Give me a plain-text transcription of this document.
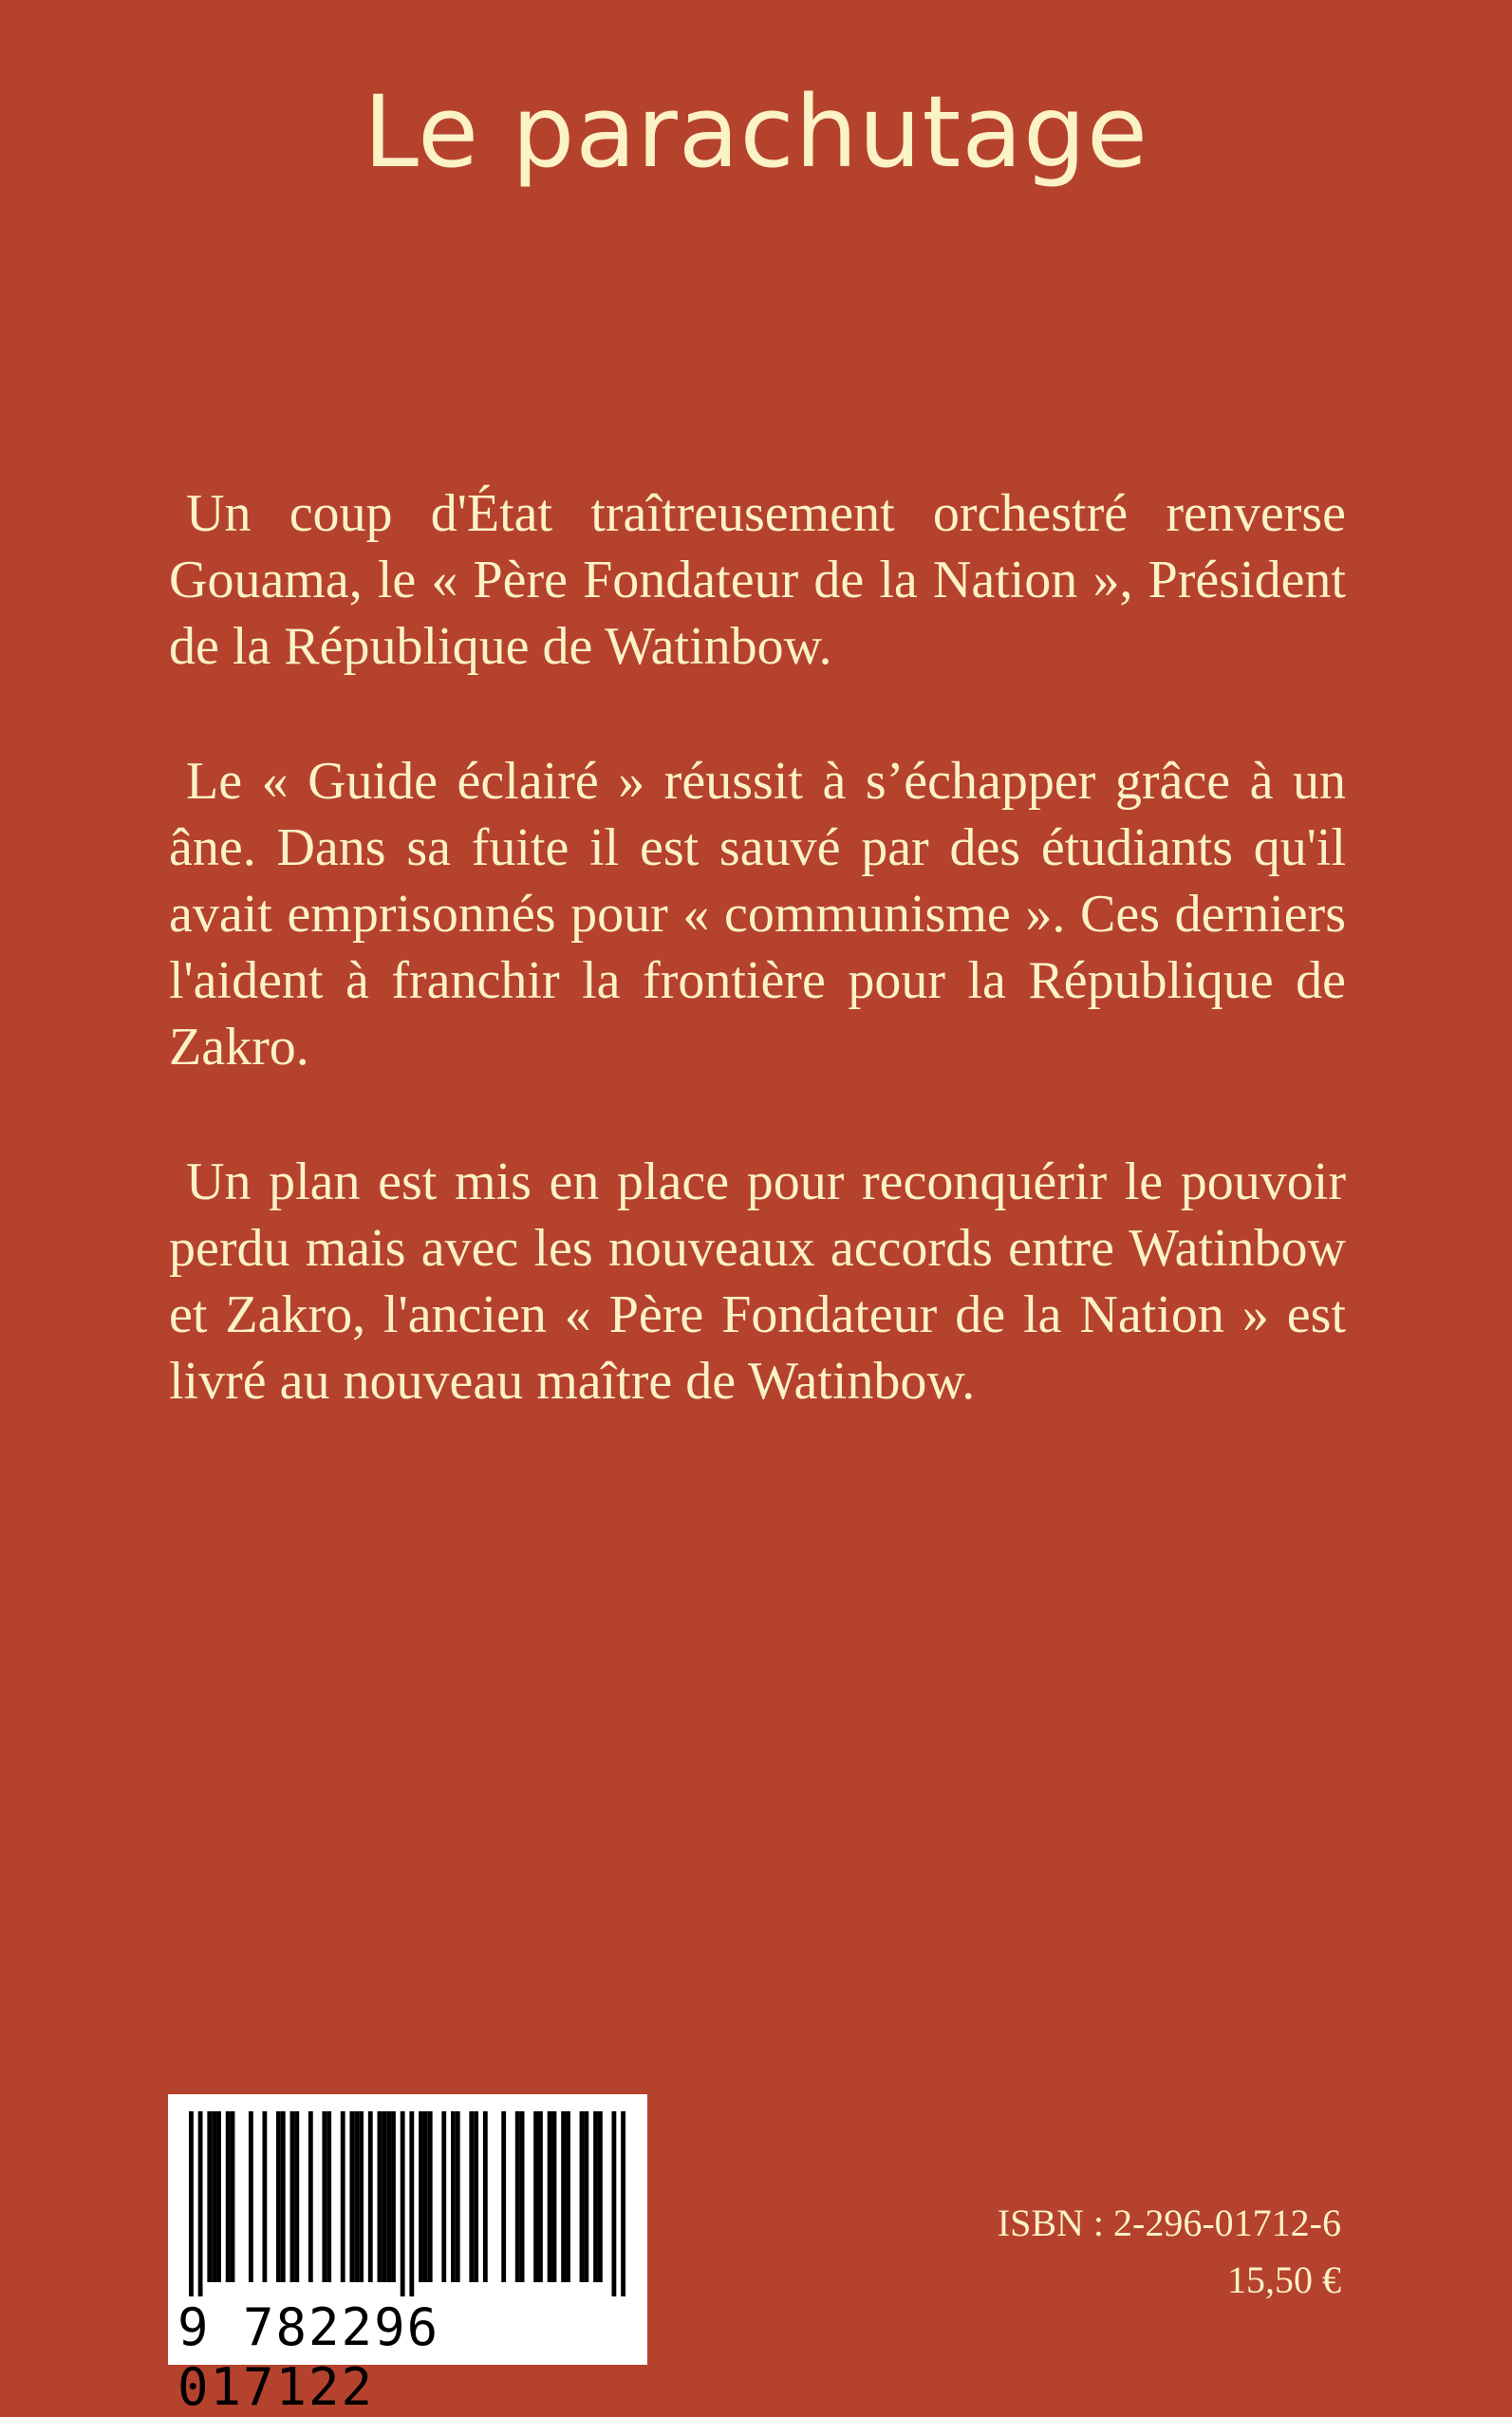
Le parachutage

Un coup d'État traîtreusement orchestré renverse Gouama, le « Père Fondateur de la Nation », Président de la République de Watinbow.

Le « Guide éclairé » réussit à s’échapper grâce à un âne. Dans sa fuite il est sauvé par des étudiants qu'il avait emprisonnés pour « communisme ». Ces derniers l'aident à franchir la frontière pour la République de Zakro.

Un plan est mis en place pour reconquérir le pouvoir perdu mais avec les nouveaux accords entre Watinbow et Zakro, l'ancien « Père Fondateur de la Nation » est livré au nouveau maître de Watinbow.

9 782296 017122
ISBN : 2-296-01712-6
15,50 €
